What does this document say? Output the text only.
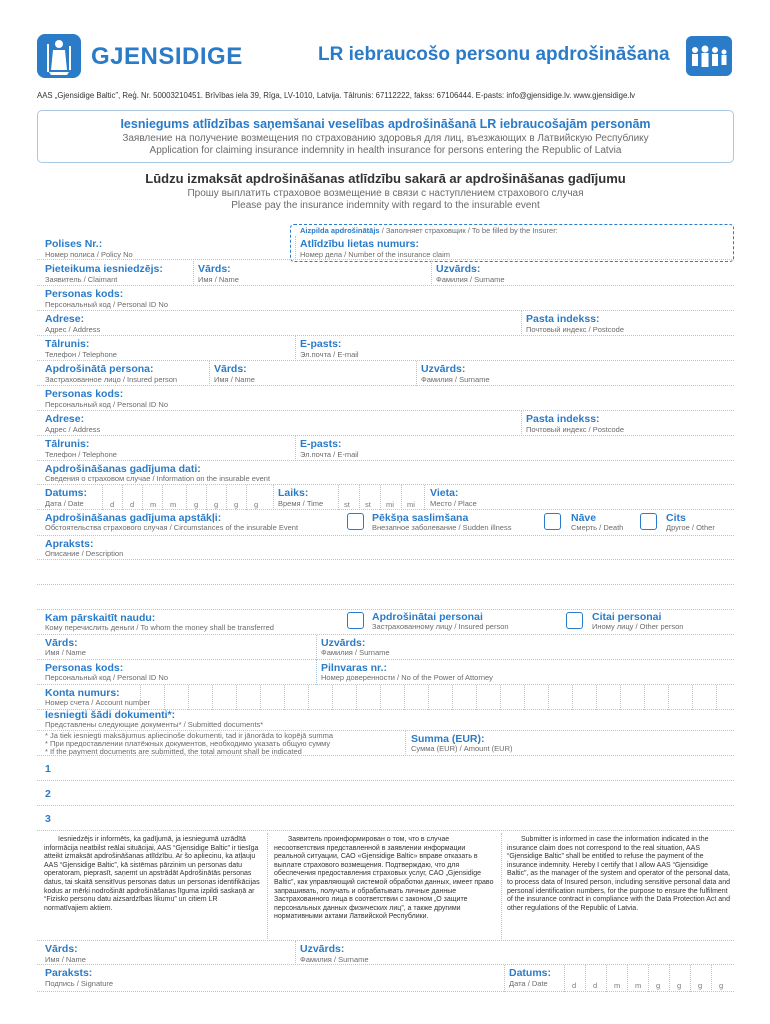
GJENSIDIGE	LR iebraucošo personu apdrošināšana
AAS „Gjensidige Baltic”, Reģ. Nr. 50003210451. Brīvības iela 39, Rīga, LV-1010, Latvija. Tālrunis: 67112222, fakss: 67106444. E-pasts: info@gjensidige.lv. www.gjensidige.lv
Iesniegums atlīdzības saņemšanai veselības apdrošināšanā LR iebraucošajām personām
Заявление на получение возмещения по страхованию здоровья для лиц, въезжающих в Латвийскую Республику
Application for claiming insurance indemnity in health insurance for persons entering the Republic of Latvia
Lūdzu izmaksāt apdrošināšanas atlīdzību sakarā ar apdrošināšanas gadījumu
Прошу выплатить страховое возмещение в связи с наступлением страхового случая
Please pay the insurance indemnity with regard to the insurable event
Aizpilda apdrošinātājs / Заполняет страховщик / To be filled by the Insurer:
Polises Nr.:
Номер полиса / Policy No
Atlīdzību lietas numurs:
Номер дела / Number of the insurance claim
Pieteikuma iesniedzējs:
Заявитель / Claimant
Vārds:
Имя / Name
Uzvārds:
Фамилия / Surname
Personas kods:
Персональный код / Personal ID No
Adrese:
Адрес / Address
Pasta indekss:
Почтовый индекс / Postcode
Tālrunis:
Телефон / Telephone
E-pasts:
Эл.почта / E-mail
Apdrošinātā persona:
Застрахованное лицо / Insured person
Vārds:
Имя / Name
Uzvārds:
Фамилия / Surname
Personas kods:
Персональный код / Personal ID No
Adrese:
Адрес / Address
Pasta indekss:
Почтовый индекс / Postcode
Tālrunis:
Телефон / Telephone
E-pasts:
Эл.почта / E-mail
Apdrošināšanas gadījuma dati:
Сведения о страховом случае / Information on the insurable event
Datums:
Дата / Date	d d m m g g g g
Laiks:
Время / Time	st st mi mi
Vieta:
Место / Place
Apdrošināšanas gadījuma apstākļi:
Обстоятельства страхового случая / Circumstances of the insurable Event
Pēkšņa saslimšana
Внезапное заболевание / Sudden illness
Nāve
Смерть / Death
Cits
Другое / Other
Apraksts:
Описание / Description
Kam pārskaitīt naudu:
Кому перечислить деньги / To whom the money shall be transferred
Apdrošinātai personai
Застрахованному лицу / Insured person
Citai personai
Иному лицу / Other person
Vārds:
Имя / Name
Uzvārds:
Фамилия / Surname
Personas kods:
Персональный код / Personal ID No
Pilnvaras nr.:
Номер доверенности / No of the Power of Attorney
Konta numurs:
Номер счета / Account number
Iesniegti šādi dokumenti*:
Представлены следующие документы* / Submitted documents*
* Ja tiek iesniegti maksājumus apliecinoše dokumenti, tad ir jānorāda to kopējā summa
* При предоставлении платёжных документов, необходимо указать общую сумму
* If the payment documents are submitted, the total amount shall be indicated
Summa (EUR):
Сумма (EUR) / Amount (EUR)
1
2
3
Iesniedzējs ir informēts, ka gadījumā, ja iesniegumā uzrādītā informācija neatbilst reālai situācijai, AAS “Gjensidige Baltic” ir tiesīga atteikt izmaksāt apdrošināšanas atlīdzību. Ar šo apliecinu, ka atļauju AAS “Gjensidige Baltic”, kā sistēmas pārzinim un personas datu operatoram, pieprasīt, saņemt un apstrādāt Apdrošinātās personas datus, tai skaitā sensitīvus personas datus un personas identifikācijas kodus ar mērķi nodrošināt apdrošināšanas līguma izpildi saskaņā ar “Fizisko personu datu aizsardzības likumu” un citiem LR normatīvajiem aktiem.
Заявитель проинформирован о том, что в случае несоответствия представленной в заявлении информации реальной ситуации, САО «Gjensidige Baltic» вправе отказать в выплате страхового возмещения. Подтверждаю, что для обеспечения предоставления страховых услуг, САО „Gjensidige Baltic”, как управляющий системой обработки данных, имеет право запрашивать, получать и обрабатывать личные данные Застрахованного лица в соответствии с законом „О защите персональных данных физических лиц”, а также другими нормативными актами Латвийской Республики.
Submitter is informed in case the information indicated in the insurance claim does not correspond to the real situation, AAS “Gjensidige Baltic” shall be entitled to refuse the payment of the insurance indemnity. Hereby I certify that I allow AAS “Gjensidige Baltic”, as the manager of the system and operator of the personal data, to process data of Insured person, including sensitive personal data and personal identification numbers, for the purpose to ensure the fulfilment of the insurance contract in compliance with the Data Protection Act and other regulations of the Republic of Latvia.
Vārds:
Имя / Name
Uzvārds:
Фамилия / Surname
Paraksts:
Подпись / Signature
Datums:
Дата / Date	d d m m g g g g
